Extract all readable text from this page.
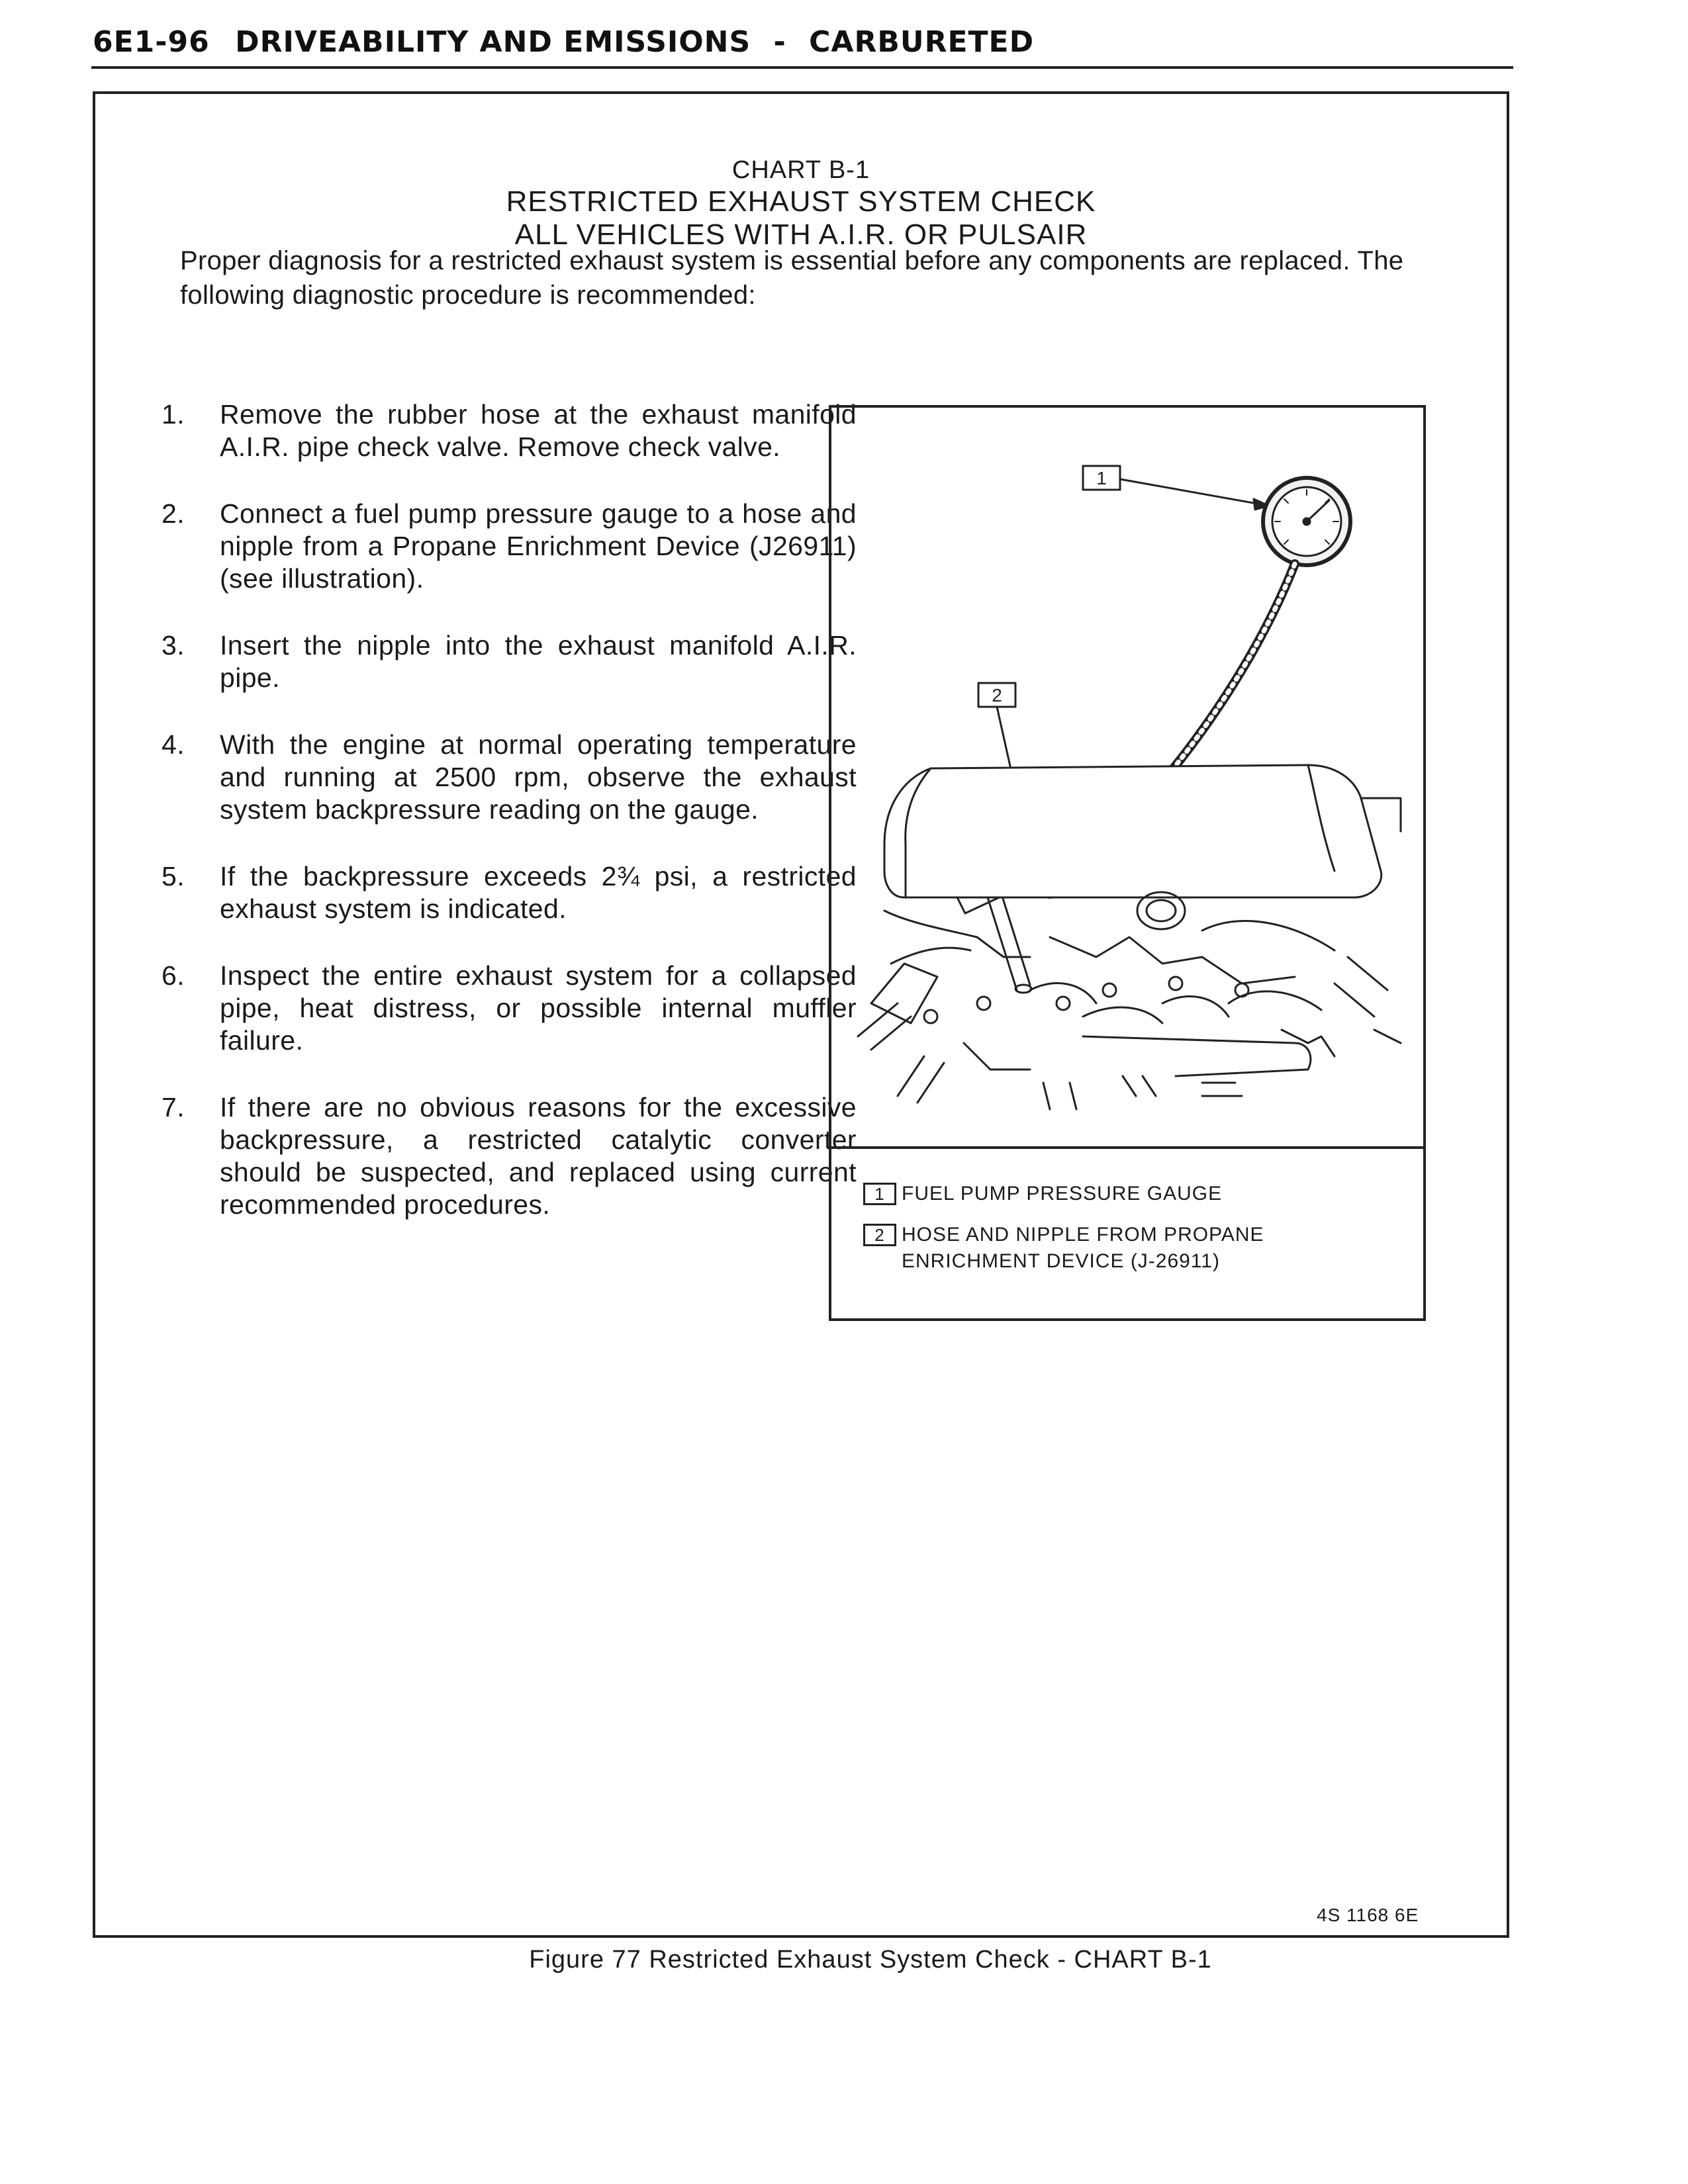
6E1-96 DRIVEABILITY AND EMISSIONS - CARBURETED
CHART B-1
RESTRICTED EXHAUST SYSTEM CHECK
ALL VEHICLES WITH A.I.R. OR PULSAIR
Proper diagnosis for a restricted exhaust system is essential before any components are replaced. The following diagnostic procedure is recommended:
1.	Remove the rubber hose at the exhaust manifold A.I.R. pipe check valve. Remove check valve.
2.	Connect a fuel pump pressure gauge to a hose and nipple from a Propane Enrichment Device (J26911) (see illustration).
3.	Insert the nipple into the exhaust manifold A.I.R. pipe.
4.	With the engine at normal operating temperature and running at 2500 rpm, observe the exhaust system backpressure reading on the gauge.
5.	If the backpressure exceeds 2¾ psi, a restricted exhaust system is indicated.
6.	Inspect the entire exhaust system for a collapsed pipe, heat distress, or possible internal muffler failure.
7.	If there are no obvious reasons for the excessive backpressure, a restricted catalytic converter should be suspected, and replaced using current recommended procedures.
1
2
1 FUEL PUMP PRESSURE GAUGE
2 HOSE AND NIPPLE FROM PROPANE ENRICHMENT DEVICE (J-26911)
4S 1168 6E
Figure 77 Restricted Exhaust System Check - CHART B-1
